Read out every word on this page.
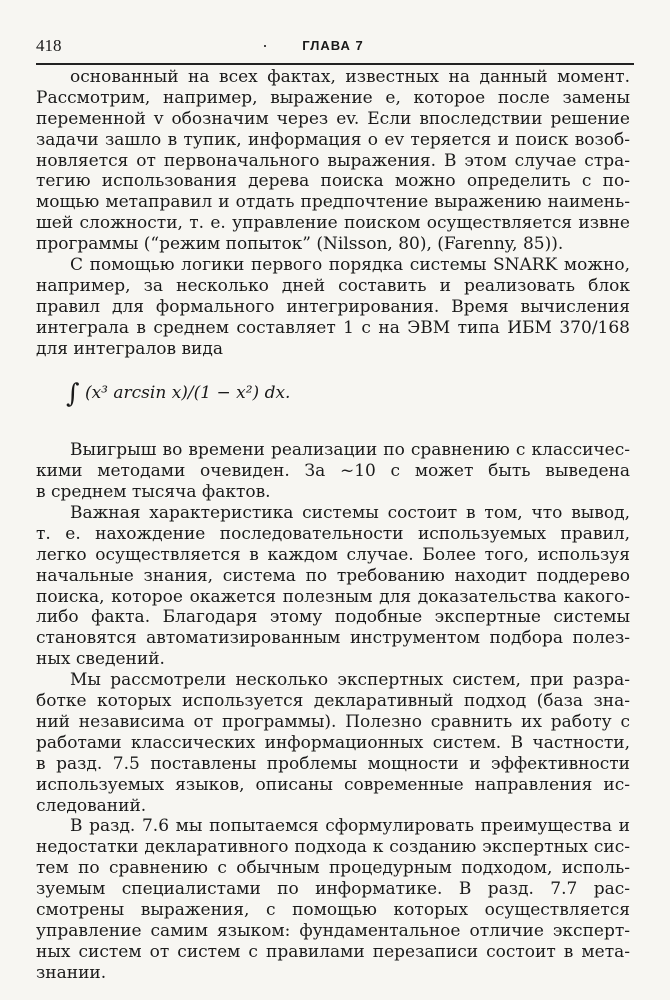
418	ГЛАВА 7
основанный на всех фактах, известных на данный момент.
Рассмотрим, например, выражение e, которое после замены
переменной v обозначим через ev. Если впоследствии решение
задачи зашло в тупик, информация о ev теряется и поиск возоб-
новляется от первоначального выражения. В этом случае стра-
тегию использования дерева поиска можно определить с по-
мощью метаправил и отдать предпочтение выражению наимень-
шей сложности, т. е. управление поиском осуществляется извне
программы (“режим попыток” (Nilsson, 80), (Farenny, 85)).
С помощью логики первого порядка системы SNARK можно,
например, за несколько дней составить и реализовать блок
правил для формального интегрирования. Время вычисления
интеграла в среднем составляет 1 с на ЭВМ типа ИБМ 370/168
для интегралов вида
∫ (x³ arcsin x)/(1 − x²) dx.
Выигрыш во времени реализации по сравнению с классичес-
кими методами очевиден. За ~10 с может быть выведена
в среднем тысяча фактов.
Важная характеристика системы состоит в том, что вывод,
т. е. нахождение последовательности используемых правил,
легко осуществляется в каждом случае. Более того, используя
начальные знания, система по требованию находит поддерево
поиска, которое окажется полезным для доказательства какого-
либо факта. Благодаря этому подобные экспертные системы
становятся автоматизированным инструментом подбора полез-
ных сведений.
Мы рассмотрели несколько экспертных систем, при разра-
ботке которых используется декларативный подход (база зна-
ний независима от программы). Полезно сравнить их работу с
работами классических информационных систем. В частности,
в разд. 7.5 поставлены проблемы мощности и эффективности
используемых языков, описаны современные направления ис-
следований.
В разд. 7.6 мы попытаемся сформулировать преимущества и
недостатки декларативного подхода к созданию экспертных сис-
тем по сравнению с обычным процедурным подходом, исполь-
зуемым специалистами по информатике. В разд. 7.7 рас-
смотрены выражения, с помощью которых осуществляется
управление самим языком: фундаментальное отличие эксперт-
ных систем от систем с правилами перезаписи состоит в мета-
знании.
